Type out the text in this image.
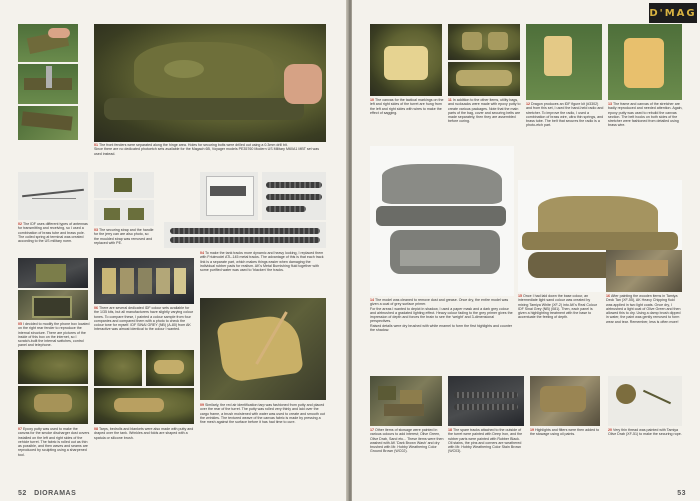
01The front fenders were separated along the hinge area. Holes for securing bolts were drilled out using a 0.3mm drill bit.
Since there are no dedicated photoetch sets available for the Magach 6B, Voyager models PE35760 Modern US Military M60A1 MBT set was used instead.
02The IDF uses different types of antennas for transmitting and receiving, so I used a combination of brass tube and brass pole. The coiled spring at terminal was created according to the US military norm.
03The securing strap and the handle for the jerry can are also photo, so the moulded strap was removed and replaced with PE.
04To make the tank tracks more dynamic and heavy looking, I replaced them with Friulmodel ATL-145 metal tracks. The advantage of this is that each track link is a separate part, which makes things easier when damaging the individual rubber pads for realism. AK's Metal Burnishing fluid together with some purified water was used to 'blacken' the tracks.
05I decided to modify the phone box located on the right rear fender to reproduce the internal structure. There are pictures of the inside of this box on the internet, so I scratch-built the internal switches, control panel and telephone.
06There are several dedicated IDF colour sets available for the 1/35 kits, but all manufacturers have slightly varying colour tones. To compare these, I painted a colour sample from four companies and compared them with a photo to check the colour tone for myself. IDF SINAI GREY (NB) (A-80) from AK Interactive was almost identical to the colour I wanted.
07Epoxy putty was used to make the canvas for the smoke discharger dust covers installed on the left and right sides of the vehicle turret. The fabric is rolled out as thin as possible, and then waves and seams are reproduced by sculpting using a sharpened tool.
08Tarps, bedrolls and blankets were also made with putty and draped over the tank. Wrinkles and folds are shaped with a spatula or silicone brush.
09Similarly, the red air identification tarp was fashioned from putty and placed over the rear of the turret. The putty was rolled very thinly and laid over the cargo frame, a brush moistened with water was used to create and smooth out the wrinkles. The textured weave of the canvas fabric is made by pressing a fine mesh against the surface before it has had time to cure.
52 DIORAMAS
D'MAG
10The canvas for the tactical markings on the left and right sides of the turret are hung from the left and right sides with wires to make the effect of sagging.
11In addition to the other items, utility bags, and rucksacks were made with epoxy putty to create various packages. Note that the main parts of the bag, cover and securing belts are made separately, then they are assembled before curing.
12Dragon produces an IDF figure kit (#3302) and from this set, I used the hand-held radio and stretcher. To improve the radio, I used a combination of brass wire, ultra thin springs, and brass tube. The belt that secures the radio is a photo-etch part.
13The frame and canvas of the stretcher are badly reproduced and needed attention. Again, epoxy putty was used to rebuild the canvas section. The belt hooks on both sides of the stretcher were fashioned from detailed using brass wire.
14The model was cleaned to remove dust and grease. Once dry, the entire model was given a coat of grey surface primer.
For the areas I wanted to depict in shadow, I used a paper mask and a dark grey colour and airbrushed a gradated lighting effect. Heavy colour fading to the grey primer gives the impression of depth and forces the brain to see the 'weight' and 3-dimensional perspectives.
Raised details were dry brushed with white enamel to form the first highlights and counter the shadow.
15Once I had laid down the base colour, an intermediate light sand colour was created by mixing Tamiya White (XF-2) into AK's Real Colour IDF Sinai Grey (NB) (081). Then, each panel is given a highlighting treatment with the base to accentuate the feeling of depth.
16After painting the wooden items in Tamiya Deck Tan (XF-55), AK Heavy Chipping fluid was applied in two light coats. Once dry, I airbrushed a light coat of Olive Green and then allowed this to dry. Using a damp brush dipped in water, the paint was gently removed to form wear and tear. Remember, less is often more!
17Other items of stowage were painted in various colours to add interest; Olive Green, Olive Drab, Sand etc... These items were then washed with AK 'Dark Brown Wash' and dry brushed with Mr. Hobby Weathering Color Ground Brown (WC02).
18The spare tracks attached to the outside of the turret were painted with Deep Iron, and the rubber parts were painted with Rubber Black. Oil stains, the pins and corners are weathered with Mr. Hobby Weathering Color Stain Brown (WC03).
19Highlights and filters were then added to the stowage using oil paints.
20Very thin thread was painted with Tamiya Olive Drab (XF-51) to make the securing rope.
53
